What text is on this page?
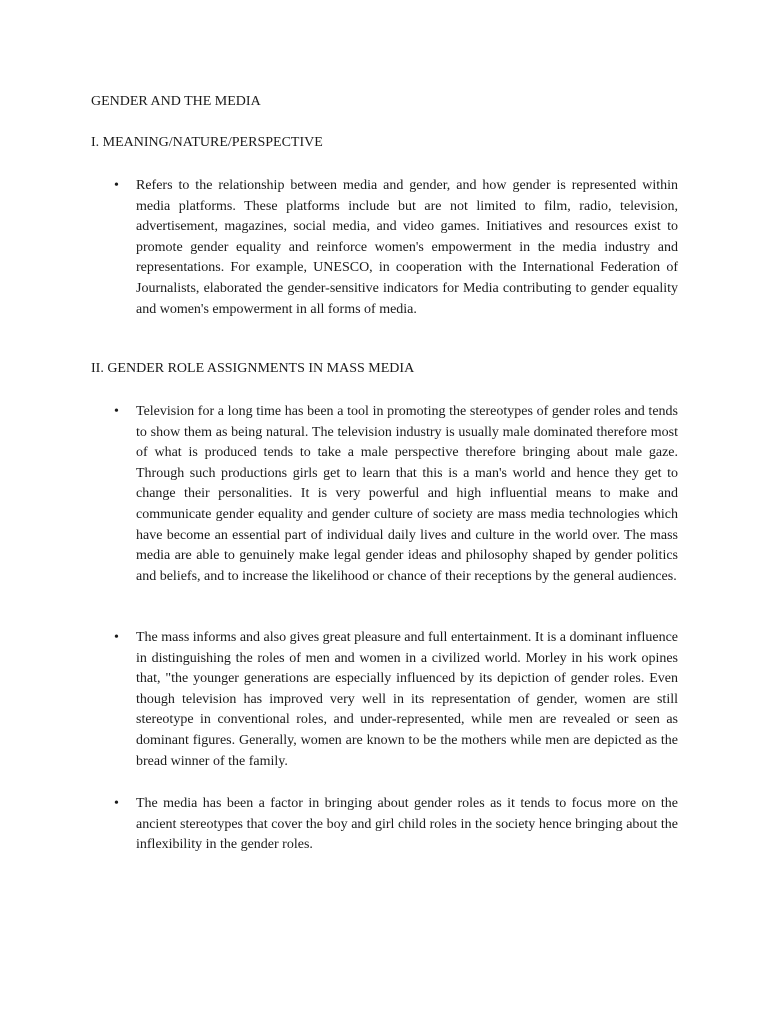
GENDER AND THE MEDIA
I. MEANING/NATURE/PERSPECTIVE
• Refers to the relationship between media and gender, and how gender is represented within media platforms. These platforms include but are not limited to film, radio, television, advertisement, magazines, social media, and video games. Initiatives and resources exist to promote gender equality and reinforce women's empowerment in the media industry and representations. For example, UNESCO, in cooperation with the International Federation of Journalists, elaborated the gender-sensitive indicators for Media contributing to gender equality and women's empowerment in all forms of media.

II. GENDER ROLE ASSIGNMENTS IN MASS MEDIA
• Television for a long time has been a tool in promoting the stereotypes of gender roles and tends to show them as being natural. The television industry is usually male dominated therefore most of what is produced tends to take a male perspective therefore bringing about male gaze. Through such productions girls get to learn that this is a man's world and hence they get to change their personalities. It is very powerful and high influential means to make and communicate gender equality and gender culture of society are mass media technologies which have become an essential part of individual daily lives and culture in the world over. The mass media are able to genuinely make legal gender ideas and philosophy shaped by gender politics and beliefs, and to increase the likelihood or chance of their receptions by the general audiences.

• The mass informs and also gives great pleasure and full entertainment. It is a dominant influence in distinguishing the roles of men and women in a civilized world. Morley in his work opines that, "the younger generations are especially influenced by its depiction of gender roles. Even though television has improved very well in its representation of gender, women are still stereotype in conventional roles, and under-represented, while men are revealed or seen as dominant figures. Generally, women are known to be the mothers while men are depicted as the bread winner of the family.

• The media has been a factor in bringing about gender roles as it tends to focus more on the ancient stereotypes that cover the boy and girl child roles in the society hence bringing about the inflexibility in the gender roles.
